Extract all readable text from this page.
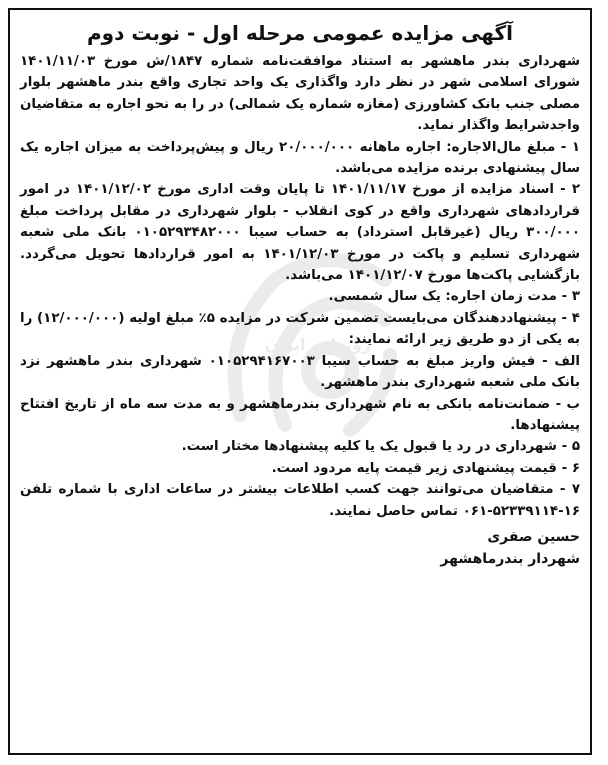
روزنامه ایران
آگهی مزایده عمومی مرحله اول - نوبت دوم
شهرداری بندر ماهشهر به استناد موافقت‌نامه شماره ۱۸۴۷/ش مورخ ۱۴۰۱/۱۱/۰۳ شورای اسلامی شهر در نظر دارد واگذاری یک واحد تجاری واقع بندر ماهشهر بلوار مصلی جنب بانک کشاورزی (مغازه شماره یک شمالی) در را به نحو اجاره به متقاضیان واجدشرایط واگذار نماید.
۱ - مبلغ مال‌الاجاره: اجاره ماهانه ۲۰/۰۰۰/۰۰۰ ریال و پیش‌پرداخت به میزان اجاره یک سال پیشنهادی برنده مزایده می‌باشد.
۲ - اسناد مزایده از مورخ ۱۴۰۱/۱۱/۱۷ تا پایان وقت اداری مورخ ۱۴۰۱/۱۲/۰۲ در امور قراردادهای شهرداری واقع در کوی انقلاب - بلوار شهرداری در مقابل پرداخت مبلغ ۳۰۰/۰۰۰ ریال (غیرقابل استرداد) به حساب سیبا ۰۱۰۵۲۹۳۴۸۲۰۰۰ بانک ملی شعبه شهرداری تسلیم و پاکت در مورخ ۱۴۰۱/۱۲/۰۳ به امور قراردادها تحویل می‌گردد. بازگشایی پاکت‌ها مورخ ۱۴۰۱/۱۲/۰۷ می‌باشد.
۳ - مدت زمان اجاره: یک سال شمسی.
۴ - پیشنهاددهندگان می‌بایست تضمین شرکت در مزایده ۵٪ مبلغ اولیه (۱۲/۰۰۰/۰۰۰) را به یکی از دو طریق زیر ارائه نمایند:
الف - فیش واریز مبلغ به حساب سیبا ۰۱۰۵۲۹۴۱۶۷۰۰۳ شهرداری بندر ماهشهر نزد بانک ملی شعبه شهرداری بندر ماهشهر.
ب - ضمانت‌نامه بانکی به نام شهرداری بندرماهشهر و به مدت سه ماه از تاریخ افتتاح پیشنهادها.
۵ - شهرداری در رد یا قبول یک یا کلیه پیشنهادها مختار است.
۶ - قیمت پیشنهادی زیر قیمت پایه مردود است.
۷ - متقاضیان می‌توانند جهت کسب اطلاعات بیشتر در ساعات اداری با شماره تلفن ۱۶-۵۲۳۳۹۱۱۴-۰۶۱ تماس حاصل نمایند.
حسین صفری
شهردار بندرماهشهر
